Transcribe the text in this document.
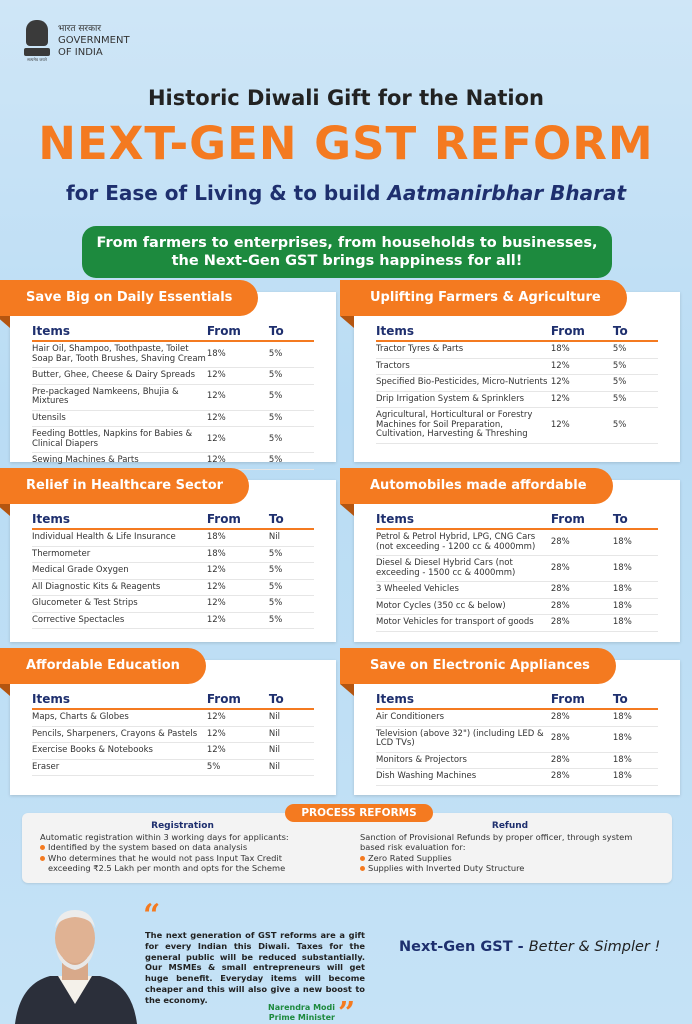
सत्यमेव जयते
भारत सरकार
GOVERNMENT
OF INDIA
Historic Diwali Gift for the Nation
NEXT-GEN GST REFORM
for Ease of Living & to build Aatmanirbhar Bharat
From farmers to enterprises, from households to businesses,
the Next-Gen GST brings happiness for all!
Save Big on Daily Essentials
Items	From	To
Hair Oil, Shampoo, Toothpaste, Toilet Soap Bar, Tooth Brushes, Shaving Cream	18%	5%
Butter, Ghee, Cheese & Dairy Spreads	12%	5%
Pre-packaged Namkeens, Bhujia & Mixtures	12%	5%
Utensils	12%	5%
Feeding Bottles, Napkins for Babies & Clinical Diapers	12%	5%
Sewing Machines & Parts	12%	5%
Uplifting Farmers & Agriculture
Items	From	To
Tractor Tyres & Parts	18%	5%
Tractors	12%	5%
Specified Bio-Pesticides, Micro-Nutrients	12%	5%
Drip Irrigation System & Sprinklers	12%	5%
Agricultural, Horticultural or Forestry Machines for Soil Preparation, Cultivation, Harvesting & Threshing	12%	5%
Relief in Healthcare Sector
Items	From	To
Individual Health & Life Insurance	18%	Nil
Thermometer	18%	5%
Medical Grade Oxygen	12%	5%
All Diagnostic Kits & Reagents	12%	5%
Glucometer & Test Strips	12%	5%
Corrective Spectacles	12%	5%
Automobiles made affordable
Items	From	To
Petrol & Petrol Hybrid, LPG, CNG Cars (not exceeding - 1200 cc & 4000mm)	28%	18%
Diesel & Diesel Hybrid Cars (not exceeding - 1500 cc & 4000mm)	28%	18%
3 Wheeled Vehicles	28%	18%
Motor Cycles (350 cc & below)	28%	18%
Motor Vehicles for transport of goods	28%	18%
Affordable Education
Items	From	To
Maps, Charts & Globes	12%	Nil
Pencils, Sharpeners, Crayons & Pastels	12%	Nil
Exercise Books & Notebooks	12%	Nil
Eraser	5%	Nil
Save on Electronic Appliances
Items	From	To
Air Conditioners	28%	18%
Television (above 32") (including LED & LCD TVs)	28%	18%
Monitors & Projectors	28%	18%
Dish Washing Machines	28%	18%
PROCESS REFORMS
Registration
Automatic registration within 3 working days for applicants:
Identified by the system based on data analysis
Who determines that he would not pass Input Tax Credit exceeding ₹2.5 Lakh per month and opts for the Scheme
Refund
Sanction of Provisional Refunds by proper officer, through system based risk evaluation for:
Zero Rated Supplies
Supplies with Inverted Duty Structure
“
The next generation of GST reforms are a gift for every Indian this Diwali. Taxes for the general public will be reduced substantially. Our MSMEs & small entrepreneurs will get huge benefit. Everyday items will become cheaper and this will also give a new boost to the economy.
Narendra Modi
Prime Minister ”
Next-Gen GST - Better & Simpler !
